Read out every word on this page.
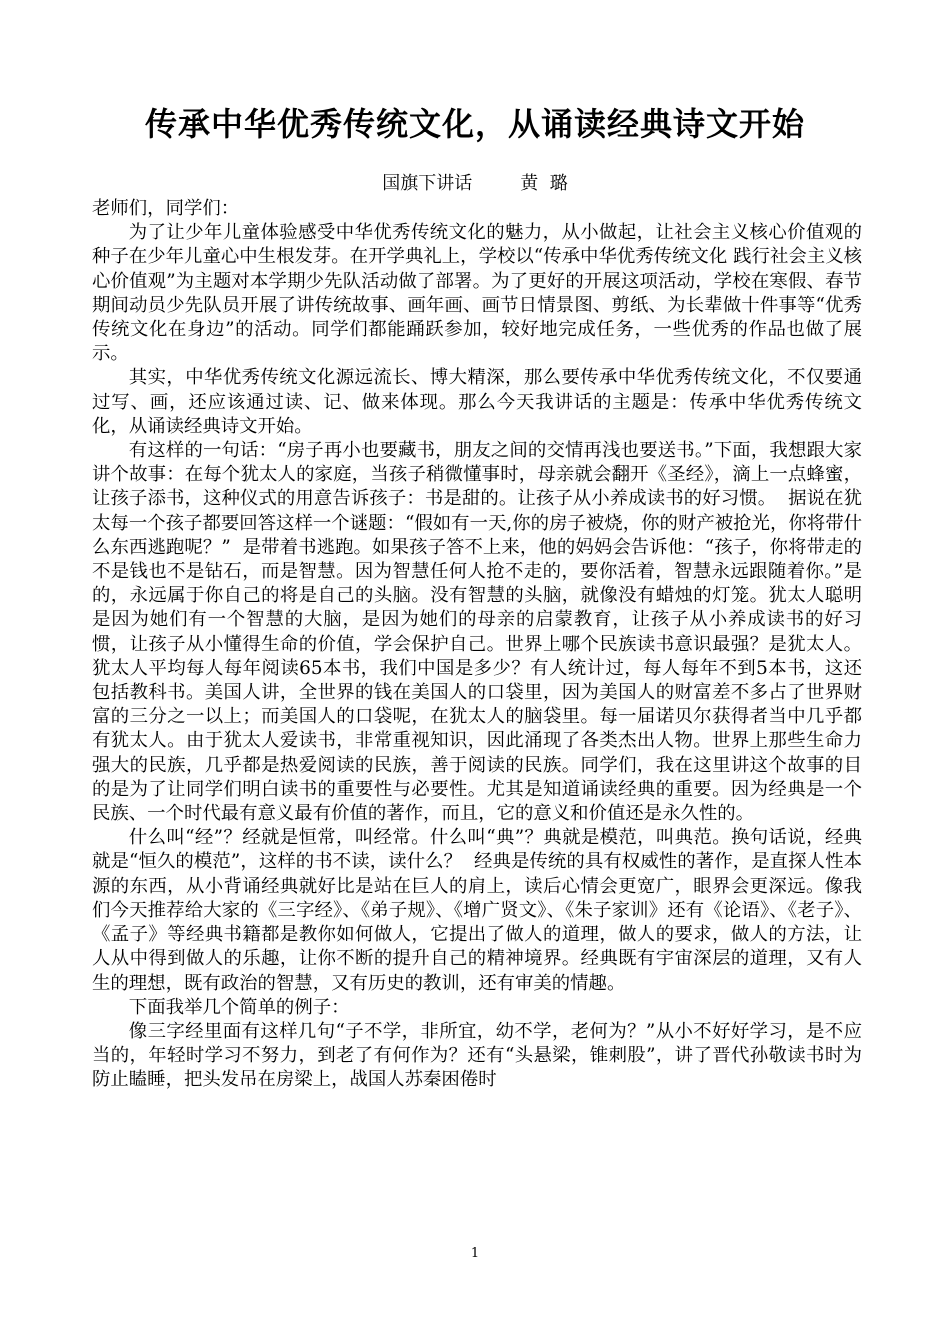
传承中华优秀传统文化，从诵读经典诗文开始
国旗下讲话	黄  璐

老师们，同学们：

为了让少年儿童体验感受中华优秀传统文化的魅力，从小做起，让社会主义核心价值观的种子在少年儿童心中生根发芽。在开学典礼上，学校以“传承中华优秀传统文化 践行社会主义核心价值观”为主题对本学期少先队活动做了部署。为了更好的开展这项活动，学校在寒假、春节期间动员少先队员开展了讲传统故事、画年画、画节日情景图、剪纸、为长辈做十件事等“优秀传统文化在身边”的活动。同学们都能踊跃参加，较好地完成任务，一些优秀的作品也做了展示。

其实，中华优秀传统文化源远流长、博大精深，那么要传承中华优秀传统文化，不仅要通过写、画，还应该通过读、记、做来体现。那么今天我讲话的主题是：传承中华优秀传统文化，从诵读经典诗文开始。

有这样的一句话：“房子再小也要藏书，朋友之间的交情再浅也要送书。”下面，我想跟大家讲个故事：在每个犹太人的家庭，当孩子稍微懂事时，母亲就会翻开《圣经》，滴上一点蜂蜜，让孩子添书，这种仪式的用意告诉孩子：书是甜的。让孩子从小养成读书的好习惯。  据说在犹太每一个孩子都要回答这样一个谜题：“假如有一天,你的房子被烧，你的财产被抢光，你将带什么东西逃跑呢？”  是带着书逃跑。如果孩子答不上来，他的妈妈会告诉他：“孩子，你将带走的不是钱也不是钻石，而是智慧。因为智慧任何人抢不走的，要你活着，智慧永远跟随着你。”是的，永远属于你自己的将是自己的头脑。没有智慧的头脑，就像没有蜡烛的灯笼。犹太人聪明是因为她们有一个智慧的大脑，是因为她们的母亲的启蒙教育，让孩子从小养成读书的好习惯，让孩子从小懂得生命的价值，学会保护自己。世界上哪个民族读书意识最强？是犹太人。犹太人平均每人每年阅读65本书，我们中国是多少？有人统计过，每人每年不到5本书，这还包括教科书。美国人讲，全世界的钱在美国人的口袋里，因为美国人的财富差不多占了世界财富的三分之一以上；而美国人的口袋呢，在犹太人的脑袋里。每一届诺贝尔获得者当中几乎都有犹太人。由于犹太人爱读书，非常重视知识，因此涌现了各类杰出人物。世界上那些生命力强大的民族，几乎都是热爱阅读的民族，善于阅读的民族。同学们，我在这里讲这个故事的目的是为了让同学们明白读书的重要性与必要性。尤其是知道诵读经典的重要。因为经典是一个民族、一个时代最有意义最有价值的著作，而且，它的意义和价值还是永久性的。

什么叫“经”？经就是恒常，叫经常。什么叫“典”？典就是模范，叫典范。换句话说，经典就是“恒久的模范”，这样的书不读，读什么？  经典是传统的具有权威性的著作，是直探人性本源的东西，从小背诵经典就好比是站在巨人的肩上，读后心情会更宽广，眼界会更深远。像我们今天推荐给大家的《三字经》、《弟子规》、《增广贤文》、《朱子家训》还有《论语》、《老子》、《孟子》等经典书籍都是教你如何做人，它提出了做人的道理，做人的要求，做人的方法，让人从中得到做人的乐趣，让你不断的提升自己的精神境界。经典既有宇宙深层的道理，又有人生的理想，既有政治的智慧，又有历史的教训，还有审美的情趣。

下面我举几个简单的例子：

像三字经里面有这样几句“子不学，非所宜，幼不学，老何为？”从小不好好学习，是不应当的，年轻时学习不努力，到老了有何作为？还有“头悬梁，锥刺股”，讲了晋代孙敬读书时为防止瞌睡，把头发吊在房梁上，战国人苏秦困倦时

1
